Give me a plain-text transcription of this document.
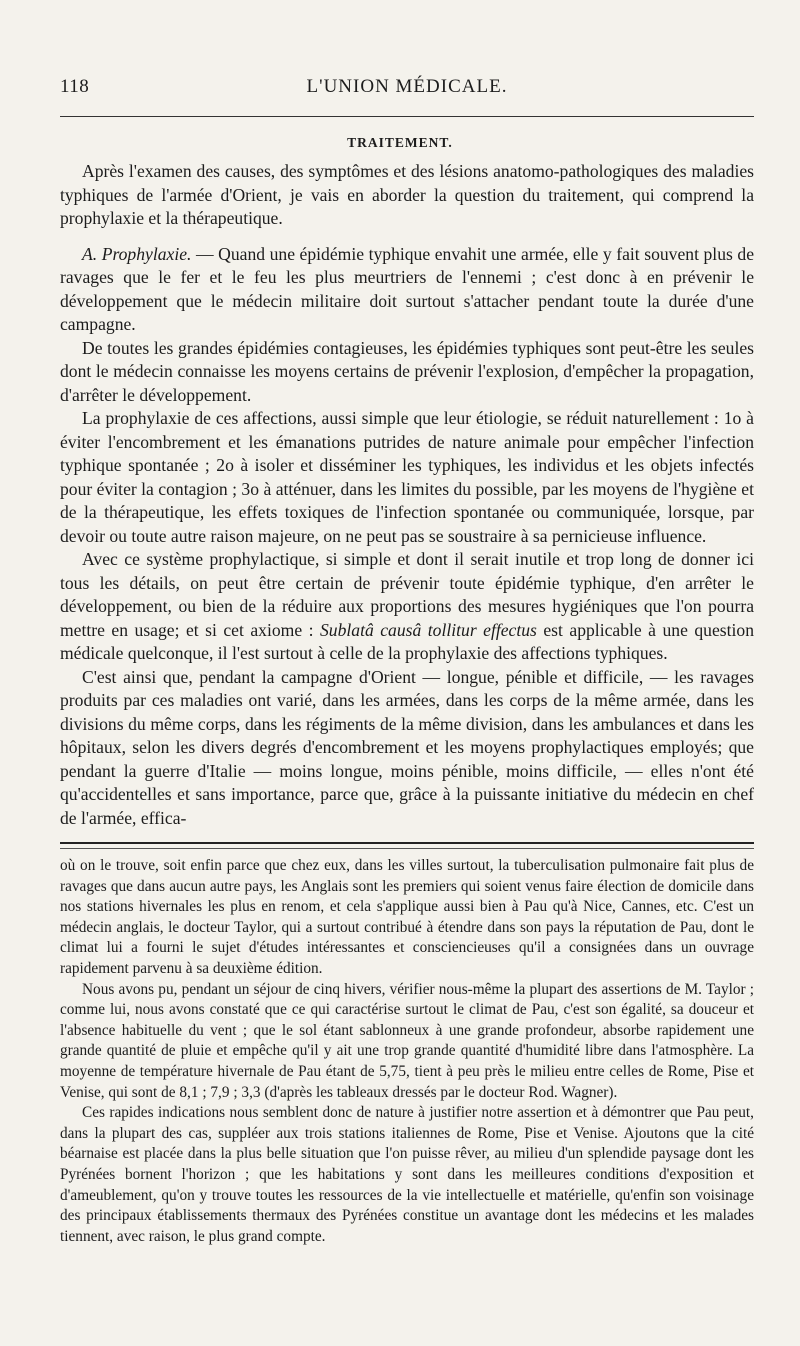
118	L'UNION MÉDICALE.
TRAITEMENT.

Après l'examen des causes, des symptômes et des lésions anatomo-pathologiques des maladies typhiques de l'armée d'Orient, je vais en aborder la question du traitement, qui comprend la prophylaxie et la thérapeutique.

A. Prophylaxie. — Quand une épidémie typhique envahit une armée, elle y fait souvent plus de ravages que le fer et le feu les plus meurtriers de l'ennemi ; c'est donc à en prévenir le développement que le médecin militaire doit surtout s'attacher pendant toute la durée d'une campagne.

De toutes les grandes épidémies contagieuses, les épidémies typhiques sont peut-être les seules dont le médecin connaisse les moyens certains de prévenir l'explosion, d'empêcher la propagation, d'arrêter le développement.

La prophylaxie de ces affections, aussi simple que leur étiologie, se réduit naturellement : 1o à éviter l'encombrement et les émanations putrides de nature animale pour empêcher l'infection typhique spontanée ; 2o à isoler et disséminer les typhiques, les individus et les objets infectés pour éviter la contagion ; 3o à atténuer, dans les limites du possible, par les moyens de l'hygiène et de la thérapeutique, les effets toxiques de l'infection spontanée ou communiquée, lorsque, par devoir ou toute autre raison majeure, on ne peut pas se soustraire à sa pernicieuse influence.

Avec ce système prophylactique, si simple et dont il serait inutile et trop long de donner ici tous les détails, on peut être certain de prévenir toute épidémie typhique, d'en arrêter le développement, ou bien de la réduire aux proportions des mesures hygiéniques que l'on pourra mettre en usage; et si cet axiome : Sublatâ causâ tollitur effectus est applicable à une question médicale quelconque, il l'est surtout à celle de la prophylaxie des affections typhiques.

C'est ainsi que, pendant la campagne d'Orient — longue, pénible et difficile, — les ravages produits par ces maladies ont varié, dans les armées, dans les corps de la même armée, dans les divisions du même corps, dans les régiments de la même division, dans les ambulances et dans les hôpitaux, selon les divers degrés d'encombrement et les moyens prophylactiques employés; que pendant la guerre d'Italie — moins longue, moins pénible, moins difficile, — elles n'ont été qu'accidentelles et sans importance, parce que, grâce à la puissante initiative du médecin en chef de l'armée, effica-

où on le trouve, soit enfin parce que chez eux, dans les villes surtout, la tuberculisation pulmonaire fait plus de ravages que dans aucun autre pays, les Anglais sont les premiers qui soient venus faire élection de domicile dans nos stations hivernales les plus en renom, et cela s'applique aussi bien à Pau qu'à Nice, Cannes, etc. C'est un médecin anglais, le docteur Taylor, qui a surtout contribué à étendre dans son pays la réputation de Pau, dont le climat lui a fourni le sujet d'études intéressantes et consciencieuses qu'il a consignées dans un ouvrage rapidement parvenu à sa deuxième édition.

Nous avons pu, pendant un séjour de cinq hivers, vérifier nous-même la plupart des assertions de M. Taylor ; comme lui, nous avons constaté que ce qui caractérise surtout le climat de Pau, c'est son égalité, sa douceur et l'absence habituelle du vent ; que le sol étant sablonneux à une grande profondeur, absorbe rapidement une grande quantité de pluie et empêche qu'il y ait une trop grande quantité d'humidité libre dans l'atmosphère. La moyenne de température hivernale de Pau étant de 5,75, tient à peu près le milieu entre celles de Rome, Pise et Venise, qui sont de 8,1 ; 7,9 ; 3,3 (d'après les tableaux dressés par le docteur Rod. Wagner).

Ces rapides indications nous semblent donc de nature à justifier notre assertion et à démontrer que Pau peut, dans la plupart des cas, suppléer aux trois stations italiennes de Rome, Pise et Venise. Ajoutons que la cité béarnaise est placée dans la plus belle situation que l'on puisse rêver, au milieu d'un splendide paysage dont les Pyrénées bornent l'horizon ; que les habitations y sont dans les meilleures conditions d'exposition et d'ameublement, qu'on y trouve toutes les ressources de la vie intellectuelle et matérielle, qu'enfin son voisinage des principaux établissements thermaux des Pyrénées constitue un avantage dont les médecins et les malades tiennent, avec raison, le plus grand compte.
